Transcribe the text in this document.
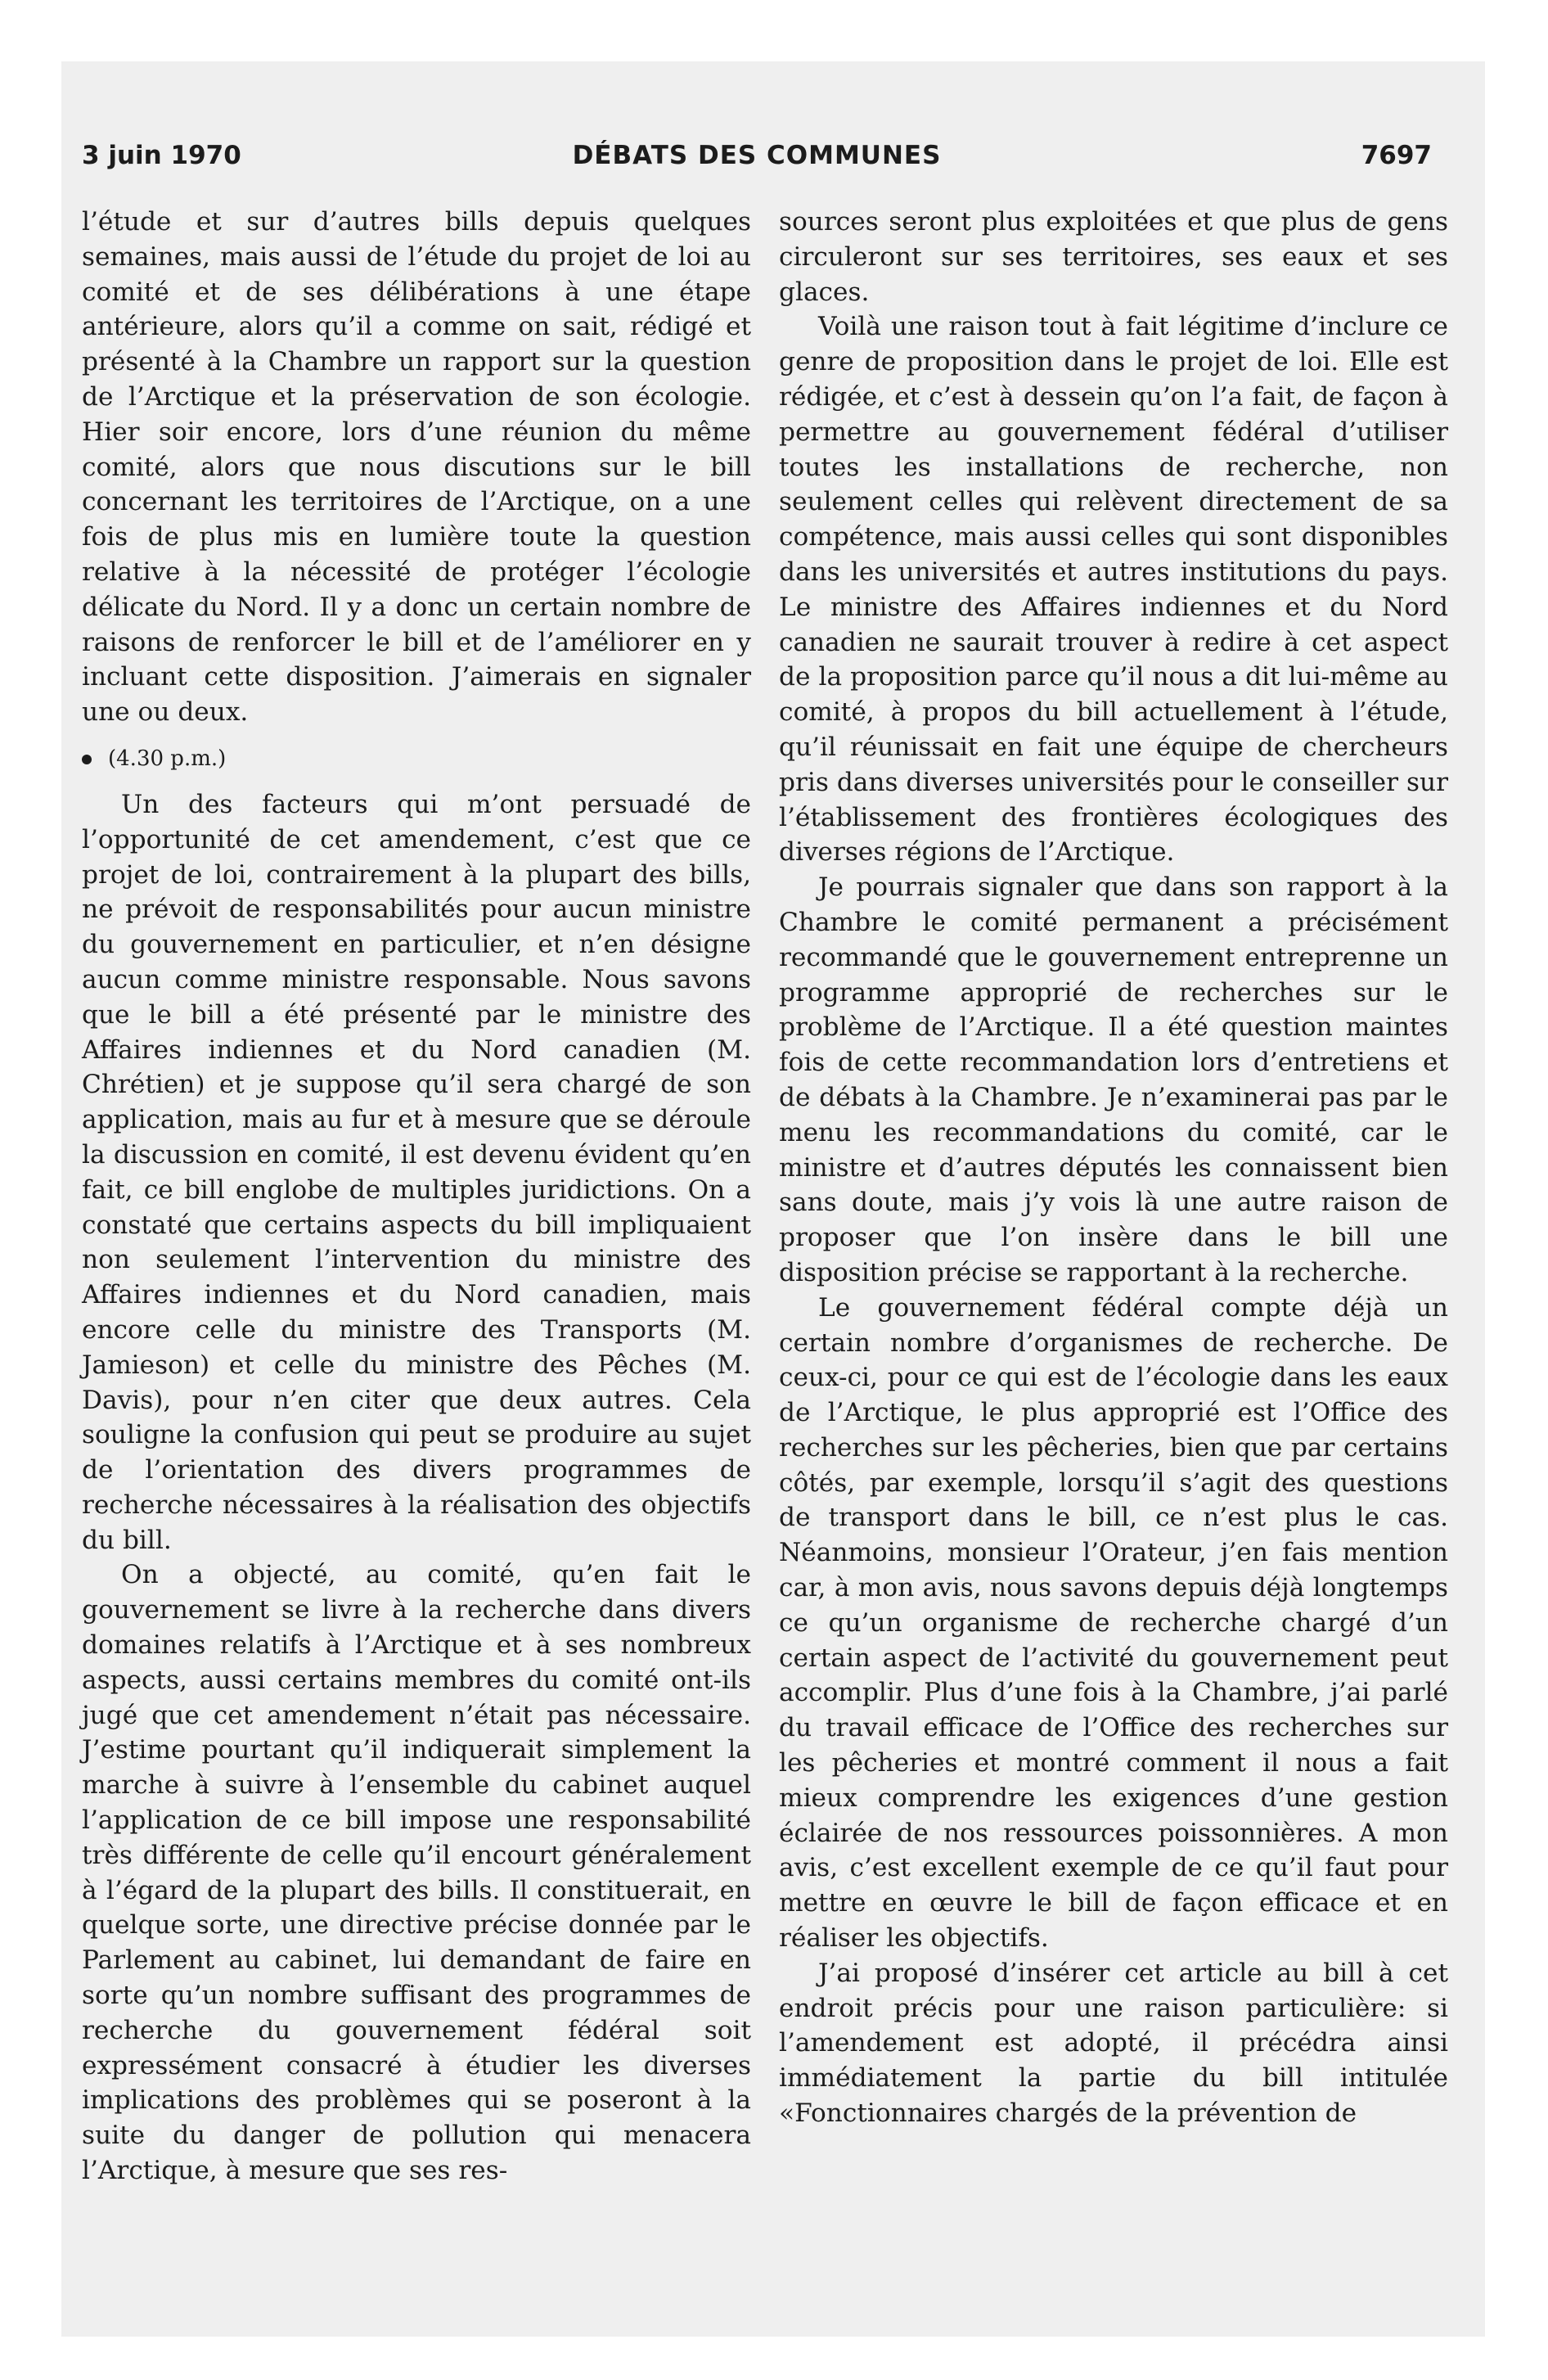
3 juin 1970	DÉBATS DES COMMUNES	7697

l’étude et sur d’autres bills depuis quelques semaines, mais aussi de l’étude du projet de loi au comité et de ses délibérations à une étape antérieure, alors qu’il a comme on sait, rédigé et présenté à la Chambre un rapport sur la question de l’Arctique et la préservation de son écologie. Hier soir encore, lors d’une réunion du même comité, alors que nous discutions sur le bill concernant les territoires de l’Arctique, on a une fois de plus mis en lumière toute la question relative à la nécessité de protéger l’écologie délicate du Nord. Il y a donc un certain nombre de raisons de renforcer le bill et de l’améliorer en y incluant cette disposition. J’aimerais en signaler une ou deux.

(4.30 p.m.)

Un des facteurs qui m’ont persuadé de l’opportunité de cet amendement, c’est que ce projet de loi, contrairement à la plupart des bills, ne prévoit de responsabilités pour aucun ministre du gouvernement en particulier, et n’en désigne aucun comme ministre responsable. Nous savons que le bill a été présenté par le ministre des Affaires indiennes et du Nord canadien (M. Chrétien) et je suppose qu’il sera chargé de son application, mais au fur et à mesure que se déroule la discussion en comité, il est devenu évident qu’en fait, ce bill englobe de multiples juridictions. On a constaté que certains aspects du bill impliquaient non seulement l’intervention du ministre des Affaires indiennes et du Nord canadien, mais encore celle du ministre des Transports (M. Jamieson) et celle du ministre des Pêches (M. Davis), pour n’en citer que deux autres. Cela souligne la confusion qui peut se produire au sujet de l’orientation des divers programmes de recherche nécessaires à la réalisation des objectifs du bill.

On a objecté, au comité, qu’en fait le gouvernement se livre à la recherche dans divers domaines relatifs à l’Arctique et à ses nombreux aspects, aussi certains membres du comité ont-ils jugé que cet amendement n’était pas nécessaire. J’estime pourtant qu’il indiquerait simplement la marche à suivre à l’ensemble du cabinet auquel l’application de ce bill impose une responsabilité très différente de celle qu’il encourt généralement à l’égard de la plupart des bills. Il constituerait, en quelque sorte, une directive précise donnée par le Parlement au cabinet, lui demandant de faire en sorte qu’un nombre suffisant des programmes de recherche du gouvernement fédéral soit expressément consacré à étudier les diverses implications des problèmes qui se poseront à la suite du danger de pollution qui menacera l’Arctique, à mesure que ses res-

sources seront plus exploitées et que plus de gens circuleront sur ses territoires, ses eaux et ses glaces.

Voilà une raison tout à fait légitime d’inclure ce genre de proposition dans le projet de loi. Elle est rédigée, et c’est à dessein qu’on l’a fait, de façon à permettre au gouvernement fédéral d’utiliser toutes les installations de recherche, non seulement celles qui relèvent directement de sa compétence, mais aussi celles qui sont disponibles dans les universités et autres institutions du pays. Le ministre des Affaires indiennes et du Nord canadien ne saurait trouver à redire à cet aspect de la proposition parce qu’il nous a dit lui-même au comité, à propos du bill actuellement à l’étude, qu’il réunissait en fait une équipe de chercheurs pris dans diverses universités pour le conseiller sur l’établissement des frontières écologiques des diverses régions de l’Arctique.

Je pourrais signaler que dans son rapport à la Chambre le comité permanent a précisément recommandé que le gouvernement entreprenne un programme approprié de recherches sur le problème de l’Arctique. Il a été question maintes fois de cette recommandation lors d’entretiens et de débats à la Chambre. Je n’examinerai pas par le menu les recommandations du comité, car le ministre et d’autres députés les connaissent bien sans doute, mais j’y vois là une autre raison de proposer que l’on insère dans le bill une disposition précise se rapportant à la recherche.

Le gouvernement fédéral compte déjà un certain nombre d’organismes de recherche. De ceux-ci, pour ce qui est de l’écologie dans les eaux de l’Arctique, le plus approprié est l’Office des recherches sur les pêcheries, bien que par certains côtés, par exemple, lorsqu’il s’agit des questions de transport dans le bill, ce n’est plus le cas. Néanmoins, monsieur l’Orateur, j’en fais mention car, à mon avis, nous savons depuis déjà longtemps ce qu’un organisme de recherche chargé d’un certain aspect de l’activité du gouvernement peut accomplir. Plus d’une fois à la Chambre, j’ai parlé du travail efficace de l’Office des recherches sur les pêcheries et montré comment il nous a fait mieux comprendre les exigences d’une gestion éclairée de nos ressources poissonnières. A mon avis, c’est excellent exemple de ce qu’il faut pour mettre en œuvre le bill de façon efficace et en réaliser les objectifs.

J’ai proposé d’insérer cet article au bill à cet endroit précis pour une raison particulière: si l’amendement est adopté, il précédra ainsi immédiatement la partie du bill intitulée «Fonctionnaires chargés de la prévention de
